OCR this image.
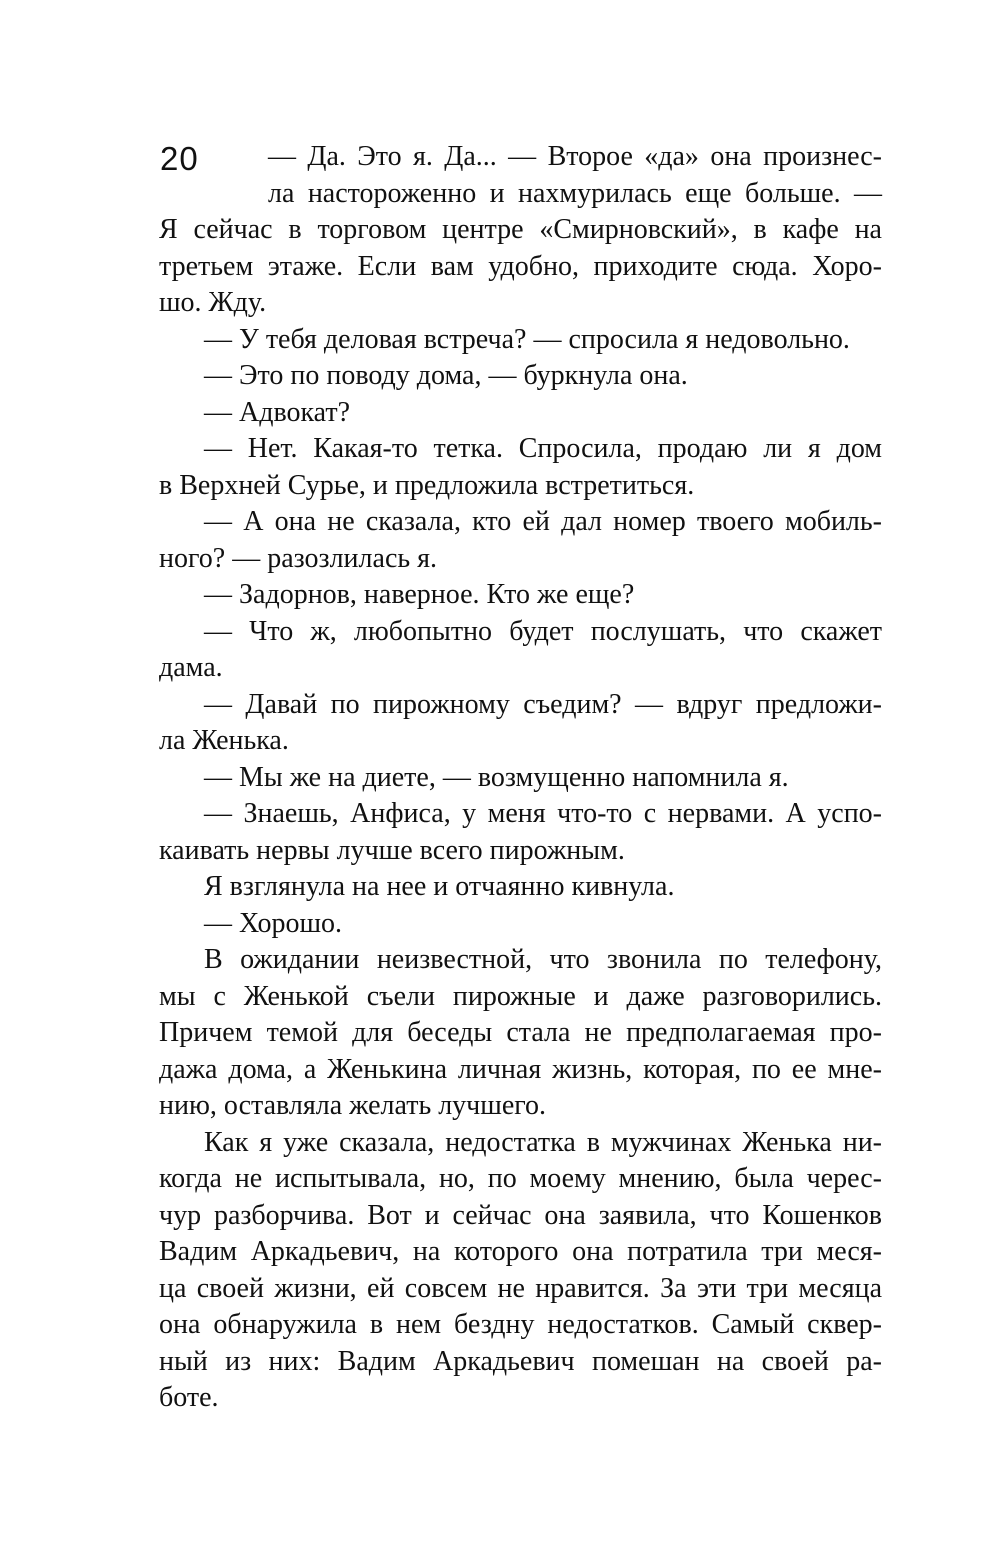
20	— Да. Это я. Да... — Второе «да» она произнес-
ла настороженно и нахмурилась еще больше. —
Я сейчас в торговом центре «Смирновский», в кафе на
третьем этаже. Если вам удобно, приходите сюда. Хоро-
шо. Жду.
— У тебя деловая встреча? — спросила я недовольно.
— Это по поводу дома, — буркнула она.
— Адвокат?
— Нет. Какая-то тетка. Спросила, продаю ли я дом
в Верхней Сурье, и предложила встретиться.
— А она не сказала, кто ей дал номер твоего мобиль-
ного? — разозлилась я.
— Задорнов, наверное. Кто же еще?
— Что ж, любопытно будет послушать, что скажет
дама.
— Давай по пирожному съедим? — вдруг предложи-
ла Женька.
— Мы же на диете, — возмущенно напомнила я.
— Знаешь, Анфиса, у меня что-то с нервами. А успо-
каивать нервы лучше всего пирожным.
Я взглянула на нее и отчаянно кивнула.
— Хорошо.
В ожидании неизвестной, что звонила по телефону,
мы с Женькой съели пирожные и даже разговорились.
Причем темой для беседы стала не предполагаемая про-
дажа дома, а Женькина личная жизнь, которая, по ее мне-
нию, оставляла желать лучшего.
Как я уже сказала, недостатка в мужчинах Женька ни-
когда не испытывала, но, по моему мнению, была черес-
чур разборчива. Вот и сейчас она заявила, что Кошенков
Вадим Аркадьевич, на которого она потратила три меся-
ца своей жизни, ей совсем не нравится. За эти три месяца
она обнаружила в нем бездну недостатков. Самый сквер-
ный из них: Вадим Аркадьевич помешан на своей ра-
боте.
